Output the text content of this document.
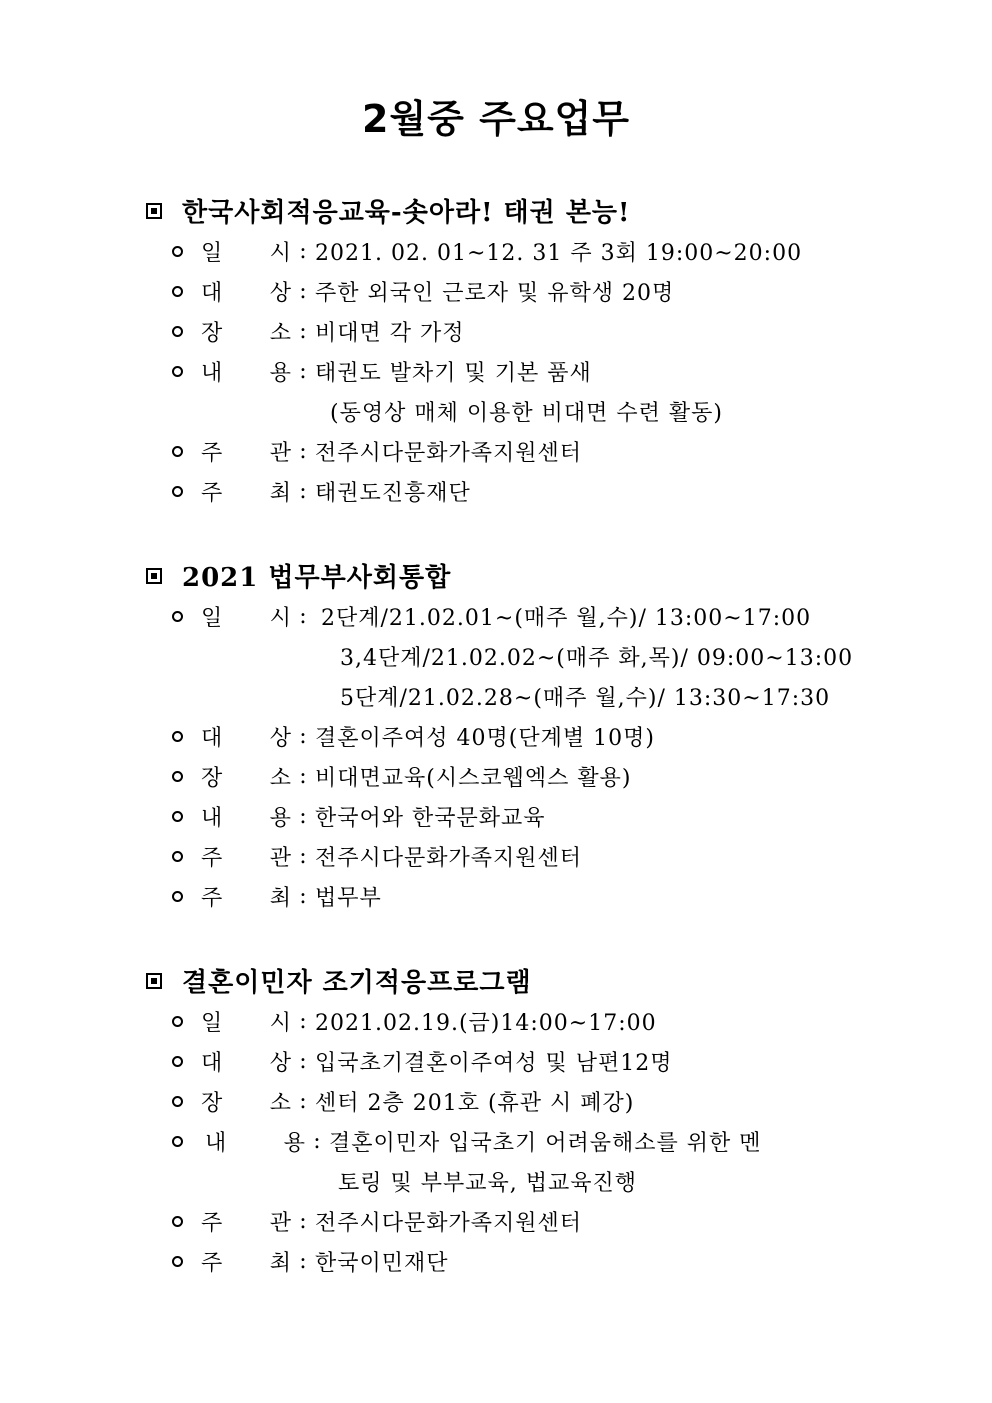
2월중 주요업무
한국사회적응교육-솟아라! 태권 본능!
일 시 : 2021. 02. 01~12. 31 주 3회 19:00~20:00
대 상 : 주한 외국인 근로자 및 유학생 20명
장 소 : 비대면 각 가정
내 용 : 태권도 발차기 및 기본 품새
(동영상 매체 이용한 비대면 수련 활동)
주 관 : 전주시다문화가족지원센터
주 최 : 태권도진흥재단
2021 법무부사회통합
일 시 : 2단계/21.02.01~(매주 월,수)/ 13:00~17:00
3,4단계/21.02.02~(매주 화,목)/ 09:00~13:00
5단계/21.02.28~(매주 월,수)/ 13:30~17:30
대 상 : 결혼이주여성 40명(단계별 10명)
장 소 : 비대면교육(시스코웹엑스 활용)
내 용 : 한국어와 한국문화교육
주 관 : 전주시다문화가족지원센터
주 최 : 법무부
결혼이민자 조기적응프로그램
일 시 : 2021.02.19.(금)14:00~17:00
대 상 : 입국초기결혼이주여성 및 남편12명
장 소 : 센터 2층 201호 (휴관 시 폐강)
내	용 : 결혼이민자 입국초기 어려움해소를 위한 멘
토링 및 부부교육, 법교육진행
주 관 : 전주시다문화가족지원센터
주 최 : 한국이민재단
